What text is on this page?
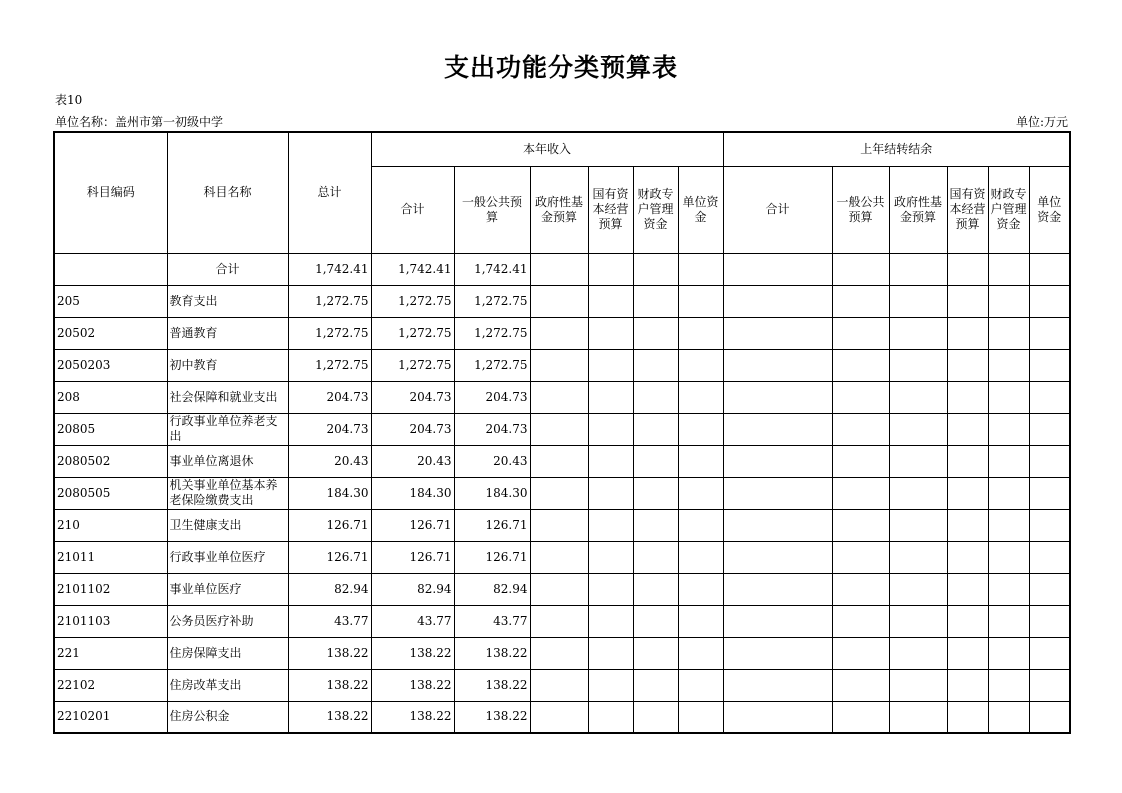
支出功能分类预算表
表10
单位名称：盖州市第一初级中学	单位:万元
科目编码	科目名称	总计	本年收入						上年结转结余					
			合计	一般公共预算	政府性基金预算	国有资本经营预算	财政专户管理资金	单位资金	合计	一般公共预算	政府性基金预算	国有资本经营预算	财政专户管理资金	单位资金
	合计	1,742.41	1,742.41	1,742.41										
205	教育支出	1,272.75	1,272.75	1,272.75										
20502	普通教育	1,272.75	1,272.75	1,272.75										
2050203	初中教育	1,272.75	1,272.75	1,272.75										
208	社会保障和就业支出	204.73	204.73	204.73										
20805	行政事业单位养老支出	204.73	204.73	204.73										
2080502	事业单位离退休	20.43	20.43	20.43										
2080505	机关事业单位基本养老保险缴费支出	184.30	184.30	184.30										
210	卫生健康支出	126.71	126.71	126.71										
21011	行政事业单位医疗	126.71	126.71	126.71										
2101102	事业单位医疗	82.94	82.94	82.94										
2101103	公务员医疗补助	43.77	43.77	43.77										
221	住房保障支出	138.22	138.22	138.22										
22102	住房改革支出	138.22	138.22	138.22										
2210201	住房公积金	138.22	138.22	138.22										
